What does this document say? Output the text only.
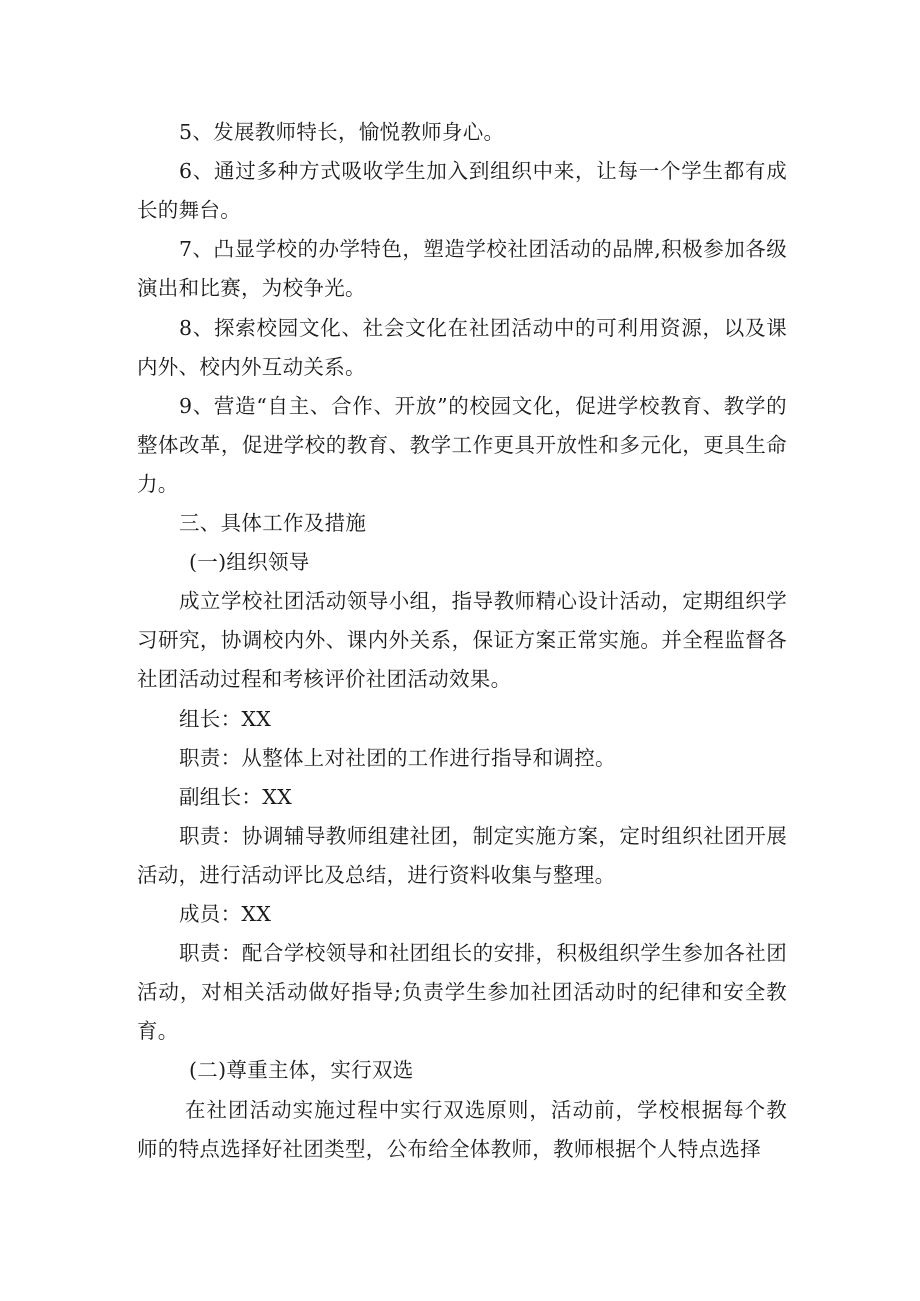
5、发展教师特长，愉悦教师身心。

6、通过多种方式吸收学生加入到组织中来，让每一个学生都有成长的舞台。

7、凸显学校的办学特色，塑造学校社团活动的品牌,积极参加各级演出和比赛，为校争光。

8、探索校园文化、社会文化在社团活动中的可利用资源，以及课内外、校内外互动关系。

9、营造“自主、合作、开放”的校园文化，促进学校教育、教学的整体改革，促进学校的教育、教学工作更具开放性和多元化，更具生命力。

三、具体工作及措施

(一)组织领导

成立学校社团活动领导小组，指导教师精心设计活动，定期组织学习研究，协调校内外、课内外关系，保证方案正常实施。并全程监督各社团活动过程和考核评价社团活动效果。

组长：XX

职责：从整体上对社团的工作进行指导和调控。

副组长：XX

职责：协调辅导教师组建社团，制定实施方案，定时组织社团开展活动，进行活动评比及总结，进行资料收集与整理。

成员：XX

职责：配合学校领导和社团组长的安排，积极组织学生参加各社团活动，对相关活动做好指导;负责学生参加社团活动时的纪律和安全教育。

(二)尊重主体，实行双选

在社团活动实施过程中实行双选原则，活动前，学校根据每个教师的特点选择好社团类型，公布给全体教师，教师根据个人特点选择
